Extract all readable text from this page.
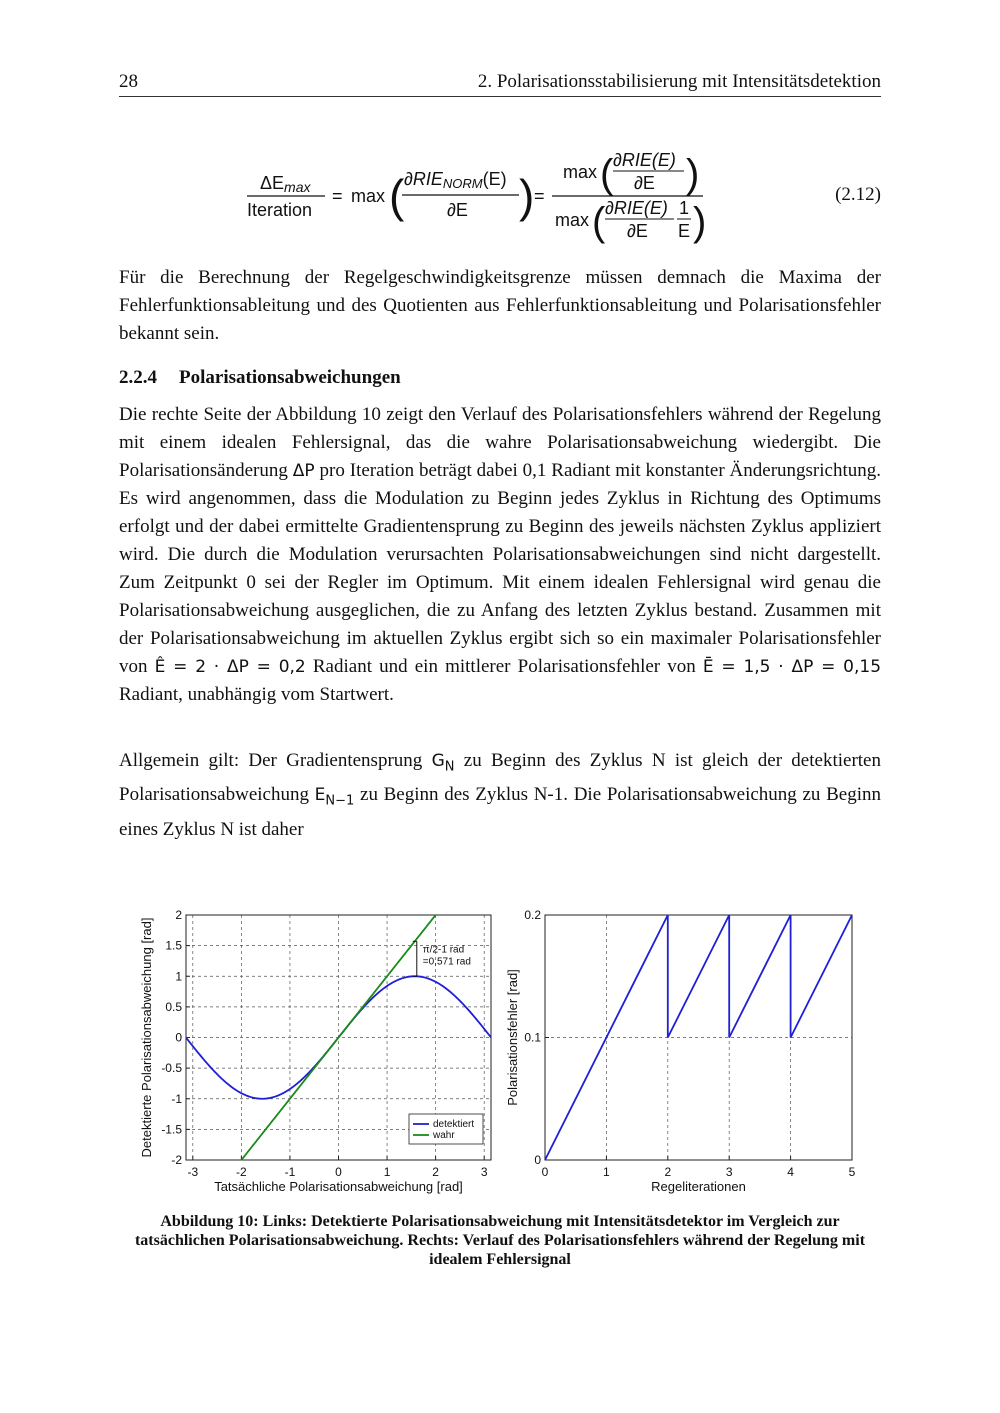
28	2. Polarisationsstabilisierung mit Intensitätsdetektion
ΔEmax
Iteration
= max ( ∂RIENORM(E)
∂E ) =
max ( ∂RIE(E)
∂E )
max ( ∂RIE(E)
∂E
1
E )
(2.12)
Für die Berechnung der Regelgeschwindigkeitsgrenze müssen demnach die Maxima der Fehlerfunktionsableitung und des Quotienten aus Fehlerfunktionsableitung und Polarisationsfehler bekannt sein.
2.2.4 Polarisationsabweichungen
Die rechte Seite der Abbildung 10 zeigt den Verlauf des Polarisationsfehlers während der Regelung mit einem idealen Fehlersignal, das die wahre Polarisationsabweichung wiedergibt. Die Polarisationsänderung ΔP pro Iteration beträgt dabei 0,1 Radiant mit konstanter Änderungsrichtung. Es wird angenommen, dass die Modulation zu Beginn jedes Zyklus in Richtung des Optimums erfolgt und der dabei ermittelte Gradientensprung zu Beginn des jeweils nächsten Zyklus appliziert wird. Die durch die Modulation verursachten Polarisationsabweichungen sind nicht dargestellt. Zum Zeitpunkt 0 sei der Regler im Optimum. Mit einem idealen Fehlersignal wird genau die Polarisationsabweichung ausgeglichen, die zu Anfang des letzten Zyklus bestand. Zusammen mit der Polarisationsabweichung im aktuellen Zyklus ergibt sich so ein maximaler Polarisationsfehler von Ê = 2 · ΔP = 0,2 Radiant und ein mittlerer Polarisationsfehler von Ē = 1,5 · ΔP = 0,15 Radiant, unabhängig vom Startwert.
Allgemein gilt: Der Gradientensprung $G_N$ zu Beginn des Zyklus N ist gleich der detektierten Polarisationsabweichung $E_{N-1}$ zu Beginn des Zyklus N-1. Die Polarisationsabweichung zu Beginn eines Zyklus N ist daher
-3	-2	-1	0	1	2	3
-2
-1.5
-1
-0.5
0
0.5
1
1.5
2
Tatsächliche Polarisationsabweichung [rad]
Detektierte Polarisationsabweichung [rad]
0	1	2	3	4	5
0
0.1
0.2
Regeliterationen
Polarisationsfehler [rad]
π/2-1 rad
=0,571 rad
detektiert
wahr
Abbildung 10: Links: Detektierte Polarisationsabweichung mit Intensitätsdetektor im Vergleich zur tatsächlichen Polarisationsabweichung. Rechts: Verlauf des Polarisationsfehlers während der Regelung mit idealem Fehlersignal
